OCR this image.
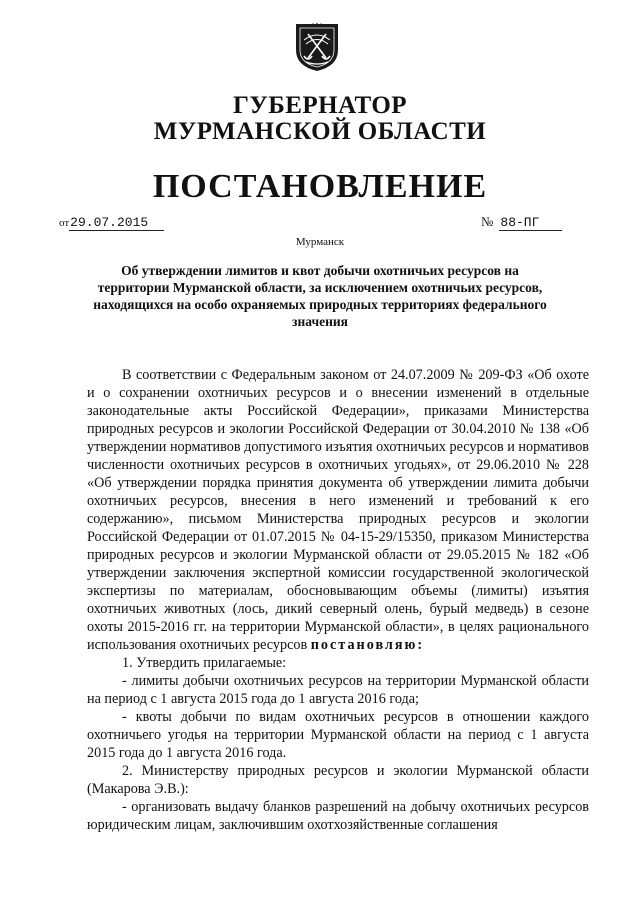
ГУБЕРНАТОР
МУРМАНСКОЙ ОБЛАСТИ
ПОСТАНОВЛЕНИЕ
от29.07.2015	№ 88-ПГ
Мурманск
Об утверждении лимитов и квот добычи охотничьих ресурсов на территории Мурманской области, за исключением охотничьих ресурсов, находящихся на особо охраняемых природных территориях федерального значения

В соответствии с Федеральным законом от 24.07.2009 № 209-ФЗ «Об охоте и о сохранении охотничьих ресурсов и о внесении изменений в отдельные законодательные акты Российской Федерации», приказами Министерства природных ресурсов и экологии Российской Федерации от 30.04.2010 № 138 «Об утверждении нормативов допустимого изъятия охотничьих ресурсов и нормативов численности охотничьих ресурсов в охотничьих угодьях», от 29.06.2010 № 228 «Об утверждении порядка принятия документа об утверждении лимита добычи охотничьих ресурсов, внесения в него изменений и требований к его содержанию», письмом Министерства природных ресурсов и экологии Российской Федерации от 01.07.2015 № 04-15-29/15350, приказом Министерства природных ресурсов и экологии Мурманской области от 29.05.2015 № 182 «Об утверждении заключения экспертной комиссии государственной экологической экспертизы по материалам, обосновывающим объемы (лимиты) изъятия охотничьих животных (лось, дикий северный олень, бурый медведь) в сезоне охоты 2015-2016 гг. на территории Мурманской области», в целях рационального использования охотничьих ресурсов постановляю:

1. Утвердить прилагаемые:

- лимиты добычи охотничьих ресурсов на территории Мурманской области на период с 1 августа 2015 года до 1 августа 2016 года;

- квоты добычи по видам охотничьих ресурсов в отношении каждого охотничьего угодья на территории Мурманской области на период с 1 августа 2015 года до 1 августа 2016 года.

2. Министерству природных ресурсов и экологии Мурманской области (Макарова Э.В.):

- организовать выдачу бланков разрешений на добычу охотничьих ресурсов юридическим лицам, заключившим охотхозяйственные соглашения
